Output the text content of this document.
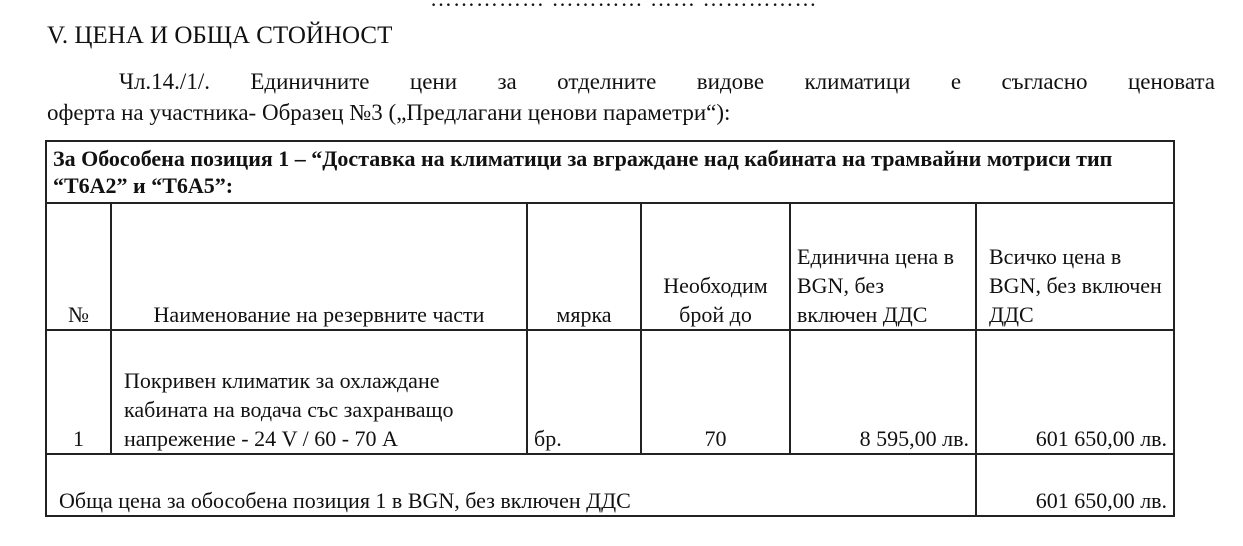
V. ЦЕНА И ОБЩА СТОЙНОСТ
Чл.14./1/. Единичните цени за отделните видове климатици е съгласно ценовата
оферта на участника- Образец №3 („Предлагани ценови параметри“):
За Обособена позиция 1 – “Доставка на климатици за вграждане над кабината на трамвайни мотриси тип “Т6А2” и “Т6А5”:					
№	Наименование на резервните части	мярка	Необходим брой до	Единична цена в BGN, без включен ДДС	Всичко цена в BGN, без включен ДДС
1	Покривен климатик за охлаждане кабината на водача със захранващо напрежение - 24 V / 60 - 70 А	бр.	70	8 595,00 лв.	601 650,00 лв.
Обща цена за обособена позиция 1 в BGN, без включен ДДС					601 650,00 лв.
